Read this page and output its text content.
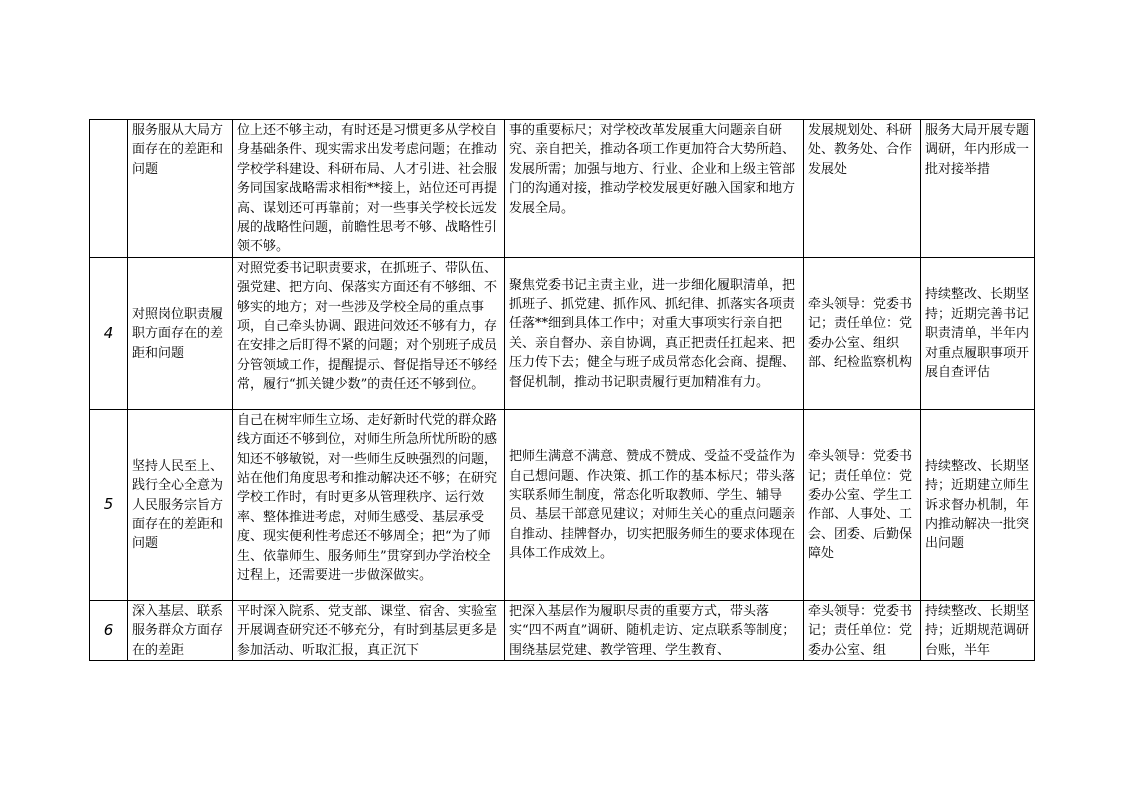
	服务服从大局方面存在的差距和问题	位上还不够主动，有时还是习惯更多从学校自身基础条件、现实需求出发考虑问题；在推动学校学科建设、科研布局、人才引进、社会服务同国家战略需求相衔**接上，站位还可再提高、谋划还可再靠前；对一些事关学校长远发展的战略性问题，前瞻性思考不够、战略性引领不够。	事的重要标尺；对学校改革发展重大问题亲自研究、亲自把关，推动各项工作更加符合大势所趋、发展所需；加强与地方、行业、企业和上级主管部门的沟通对接，推动学校发展更好融入国家和地方发展全局。	发展规划处、科研处、教务处、合作发展处	服务大局开展专题调研，年内形成一批对接举措
4	对照岗位职责履职方面存在的差距和问题	对照党委书记职责要求，在抓班子、带队伍、强党建、把方向、保落实方面还有不够细、不够实的地方；对一些涉及学校全局的重点事项，自己牵头协调、跟进问效还不够有力，存在安排之后盯得不紧的问题；对个别班子成员分管领域工作，提醒提示、督促指导还不够经常，履行“抓关键少数”的责任还不够到位。	聚焦党委书记主责主业，进一步细化履职清单，把抓班子、抓党建、抓作风、抓纪律、抓落实各项责任落**细到具体工作中；对重大事项实行亲自把关、亲自督办、亲自协调，真正把责任扛起来、把压力传下去；健全与班子成员常态化会商、提醒、督促机制，推动书记职责履行更加精准有力。	牵头领导：党委书记；责任单位：党委办公室、组织部、纪检监察机构	持续整改、长期坚持；近期完善书记职责清单，半年内对重点履职事项开展自查评估
5	坚持人民至上、践行全心全意为人民服务宗旨方面存在的差距和问题	自己在树牢师生立场、走好新时代党的群众路线方面还不够到位，对师生所急所忧所盼的感知还不够敏锐，对一些师生反映强烈的问题，站在他们角度思考和推动解决还不够；在研究学校工作时，有时更多从管理秩序、运行效率、整体推进考虑，对师生感受、基层承受度、现实便利性考虑还不够周全；把“为了师生、依靠师生、服务师生”贯穿到办学治校全过程上，还需要进一步做深做实。	把师生满意不满意、赞成不赞成、受益不受益作为自己想问题、作决策、抓工作的基本标尺；带头落实联系师生制度，常态化听取教师、学生、辅导员、基层干部意见建议；对师生关心的重点问题亲自推动、挂牌督办，切实把服务师生的要求体现在具体工作成效上。	牵头领导：党委书记；责任单位：党委办公室、学生工作部、人事处、工会、团委、后勤保障处	持续整改、长期坚持；近期建立师生诉求督办机制，年内推动解决一批突出问题
6	深入基层、联系服务群众方面存在的差距	平时深入院系、党支部、课堂、宿舍、实验室开展调查研究还不够充分，有时到基层更多是参加活动、听取汇报，真正沉下	把深入基层作为履职尽责的重要方式，带头落实“四不两直”调研、随机走访、定点联系等制度；围绕基层党建、教学管理、学生教育、	牵头领导：党委书记；责任单位：党委办公室、组	持续整改、长期坚持；近期规范调研台账，半年
